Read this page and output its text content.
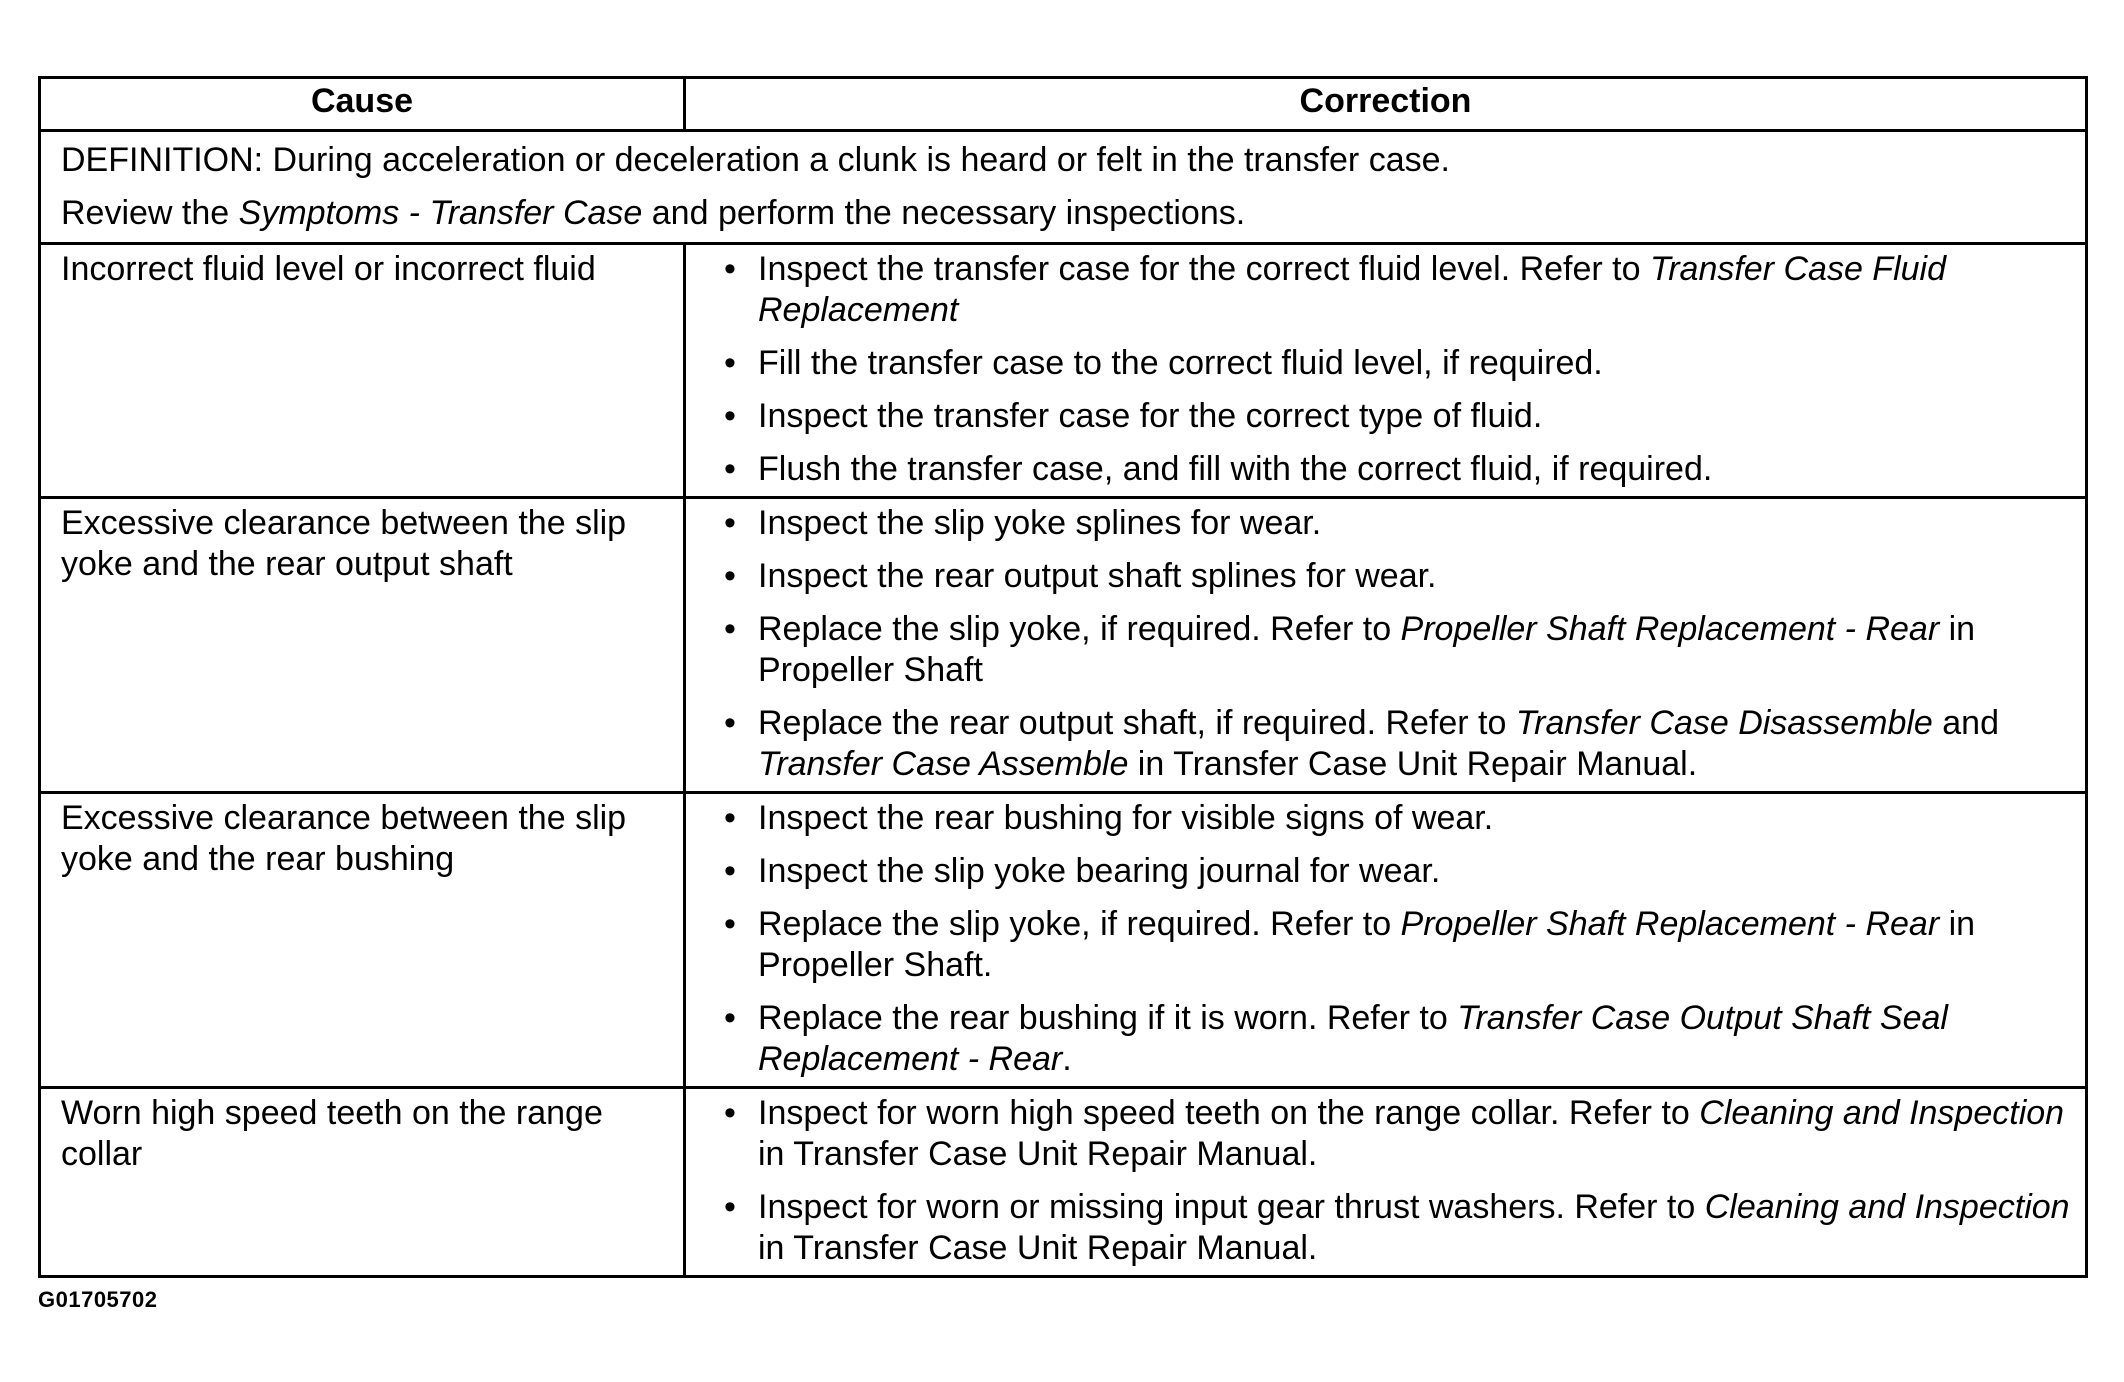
Cause	Correction

DEFINITION: During acceleration or deceleration a clunk is heard or felt in the transfer case.

Review the Symptoms - Transfer Case and perform the necessary inspections.

Incorrect fluid level or incorrect fluid	• Inspect the transfer case for the correct fluid level. Refer to Transfer Case Fluid Replacement
• Fill the transfer case to the correct fluid level, if required.
• Inspect the transfer case for the correct type of fluid.
• Flush the transfer case, and fill with the correct fluid, if required.
Excessive clearance between the slip yoke and the rear output shaft
• Inspect the slip yoke splines for wear.
• Inspect the rear output shaft splines for wear.
• Replace the slip yoke, if required. Refer to Propeller Shaft Replacement - Rear in Propeller Shaft
• Replace the rear output shaft, if required. Refer to Transfer Case Disassemble and Transfer Case Assemble in Transfer Case Unit Repair Manual.
Excessive clearance between the slip yoke and the rear bushing
• Inspect the rear bushing for visible signs of wear.
• Inspect the slip yoke bearing journal for wear.
• Replace the slip yoke, if required. Refer to Propeller Shaft Replacement - Rear in Propeller Shaft.
• Replace the rear bushing if it is worn. Refer to Transfer Case Output Shaft Seal Replacement - Rear.
Worn high speed teeth on the range collar
• Inspect for worn high speed teeth on the range collar. Refer to Cleaning and Inspection in Transfer Case Unit Repair Manual.
• Inspect for worn or missing input gear thrust washers. Refer to Cleaning and Inspection in Transfer Case Unit Repair Manual.
G01705702
